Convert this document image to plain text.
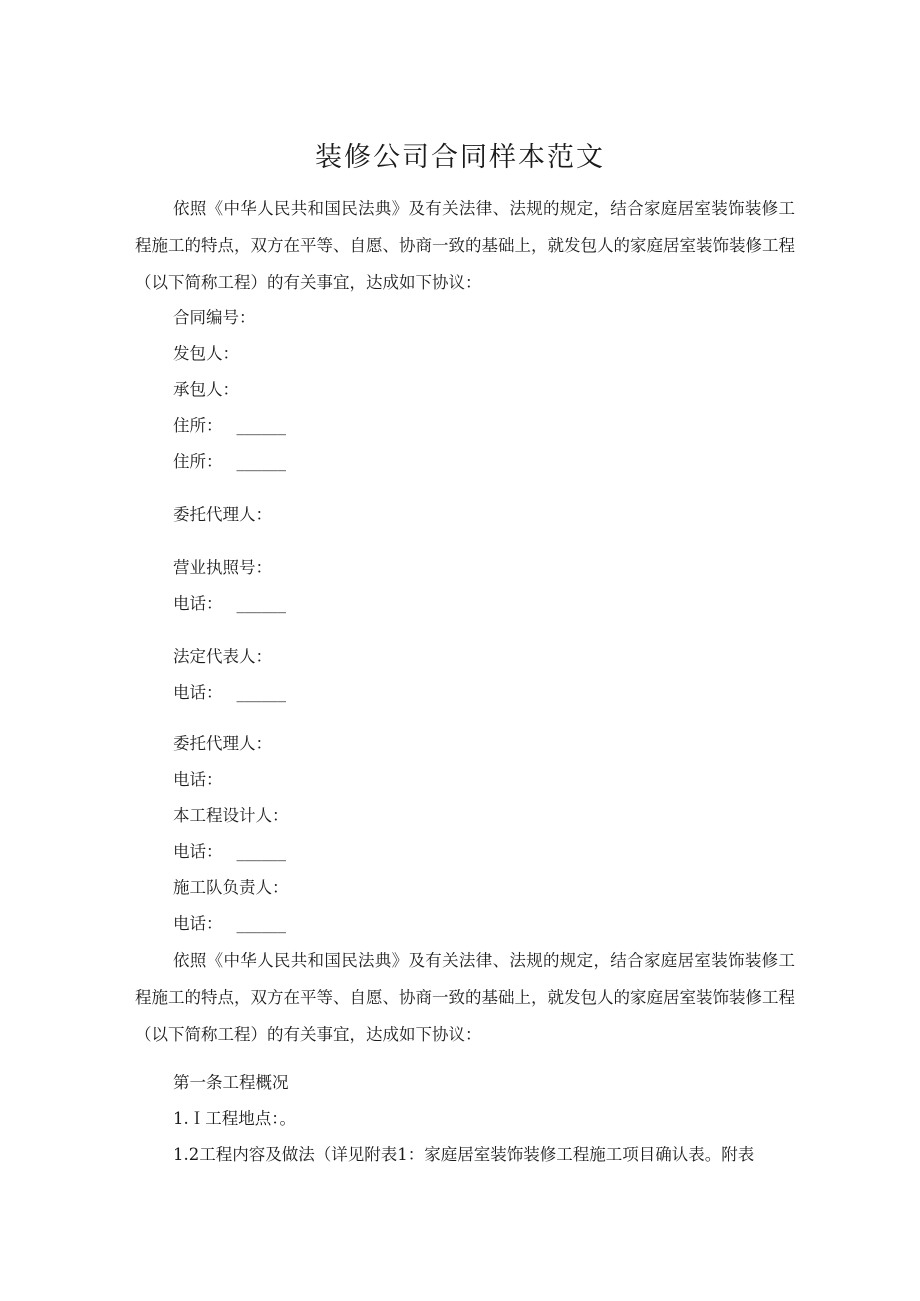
装修公司合同样本范文

依照《中华人民共和国民法典》及有关法律、法规的规定，结合家庭居室装饰装修工程施工的特点，双方在平等、自愿、协商一致的基础上，就发包人的家庭居室装饰装修工程（以下简称工程）的有关事宜，达成如下协议：

合同编号：

发包人：

承包人：

住所： ______

住所： ______

委托代理人：

营业执照号：

电话： ______

法定代表人：

电话： ______

委托代理人：

电话：

本工程设计人：

电话： ______

施工队负责人：

电话： ______

依照《中华人民共和国民法典》及有关法律、法规的规定，结合家庭居室装饰装修工程施工的特点，双方在平等、自愿、协商一致的基础上，就发包人的家庭居室装饰装修工程（以下简称工程）的有关事宜，达成如下协议：

第一条工程概况

1.Ｉ工程地点：。

1.2工程内容及做法（详见附表1：家庭居室装饰装修工程施工项目确认表。附表
